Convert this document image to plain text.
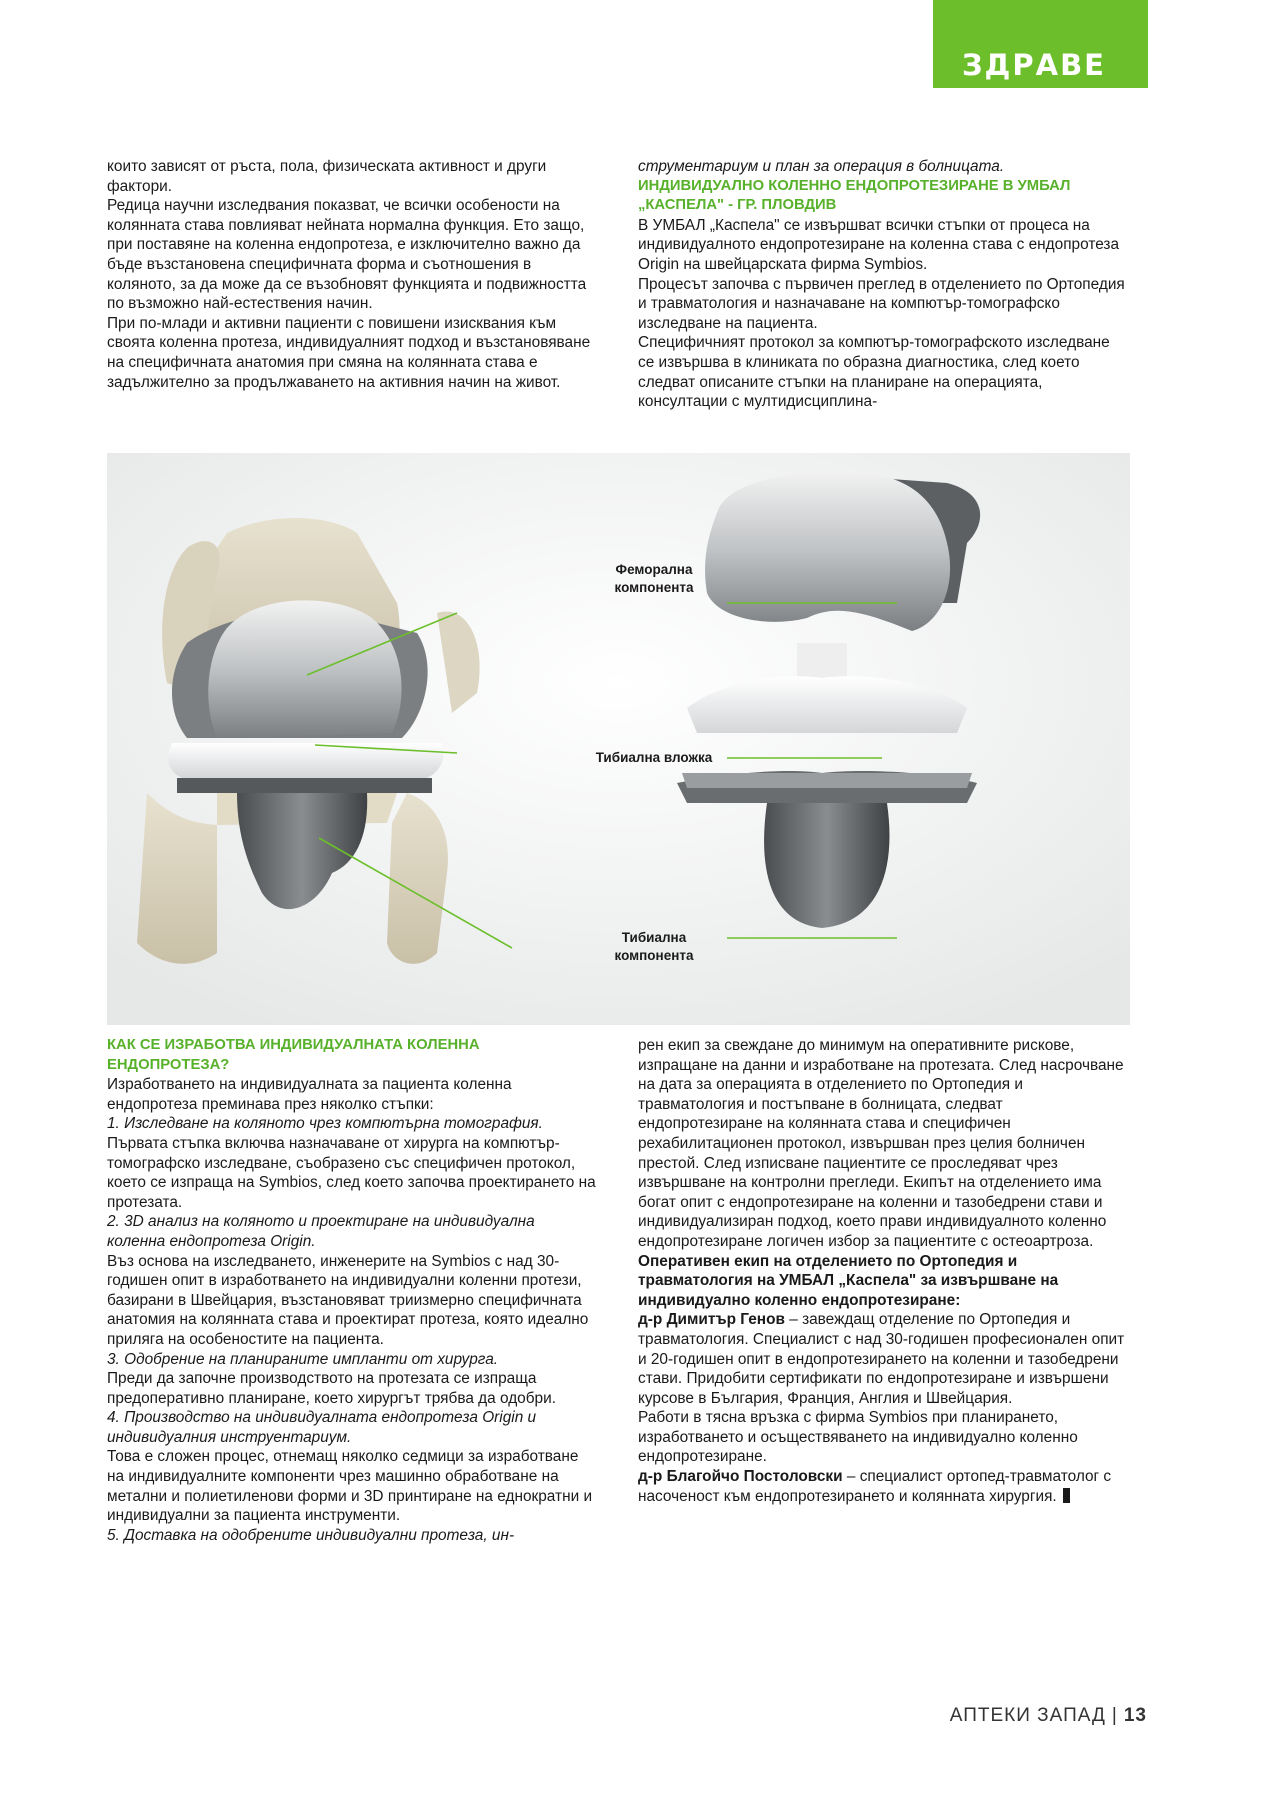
ЗДРАВЕ

които зависят от ръста, пола, физическата активност и други фактори.

Редица научни изследвания показват, че всички особености на колянната става повлияват нейната нормална функция. Ето защо, при поставяне на коленна ендопротеза, е изключително важно да бъде възстановена специфичната форма и съотношения в коляното, за да може да се възобновят функцията и подвижността по възможно най-естествения начин.

При по-млади и активни пациенти с повишени изисквания към своята коленна протеза, индивидуалният подход и възстановяване на специфичната анатомия при смяна на колянната става е задължително за продължаването на активния начин на живот.

струментариум и план за операция в болницата.

ИНДИВИДУАЛНО КОЛЕННО ЕНДОПРОТЕЗИРАНЕ В УМБАЛ „КАСПЕЛА" - ГР. ПЛОВДИВ

В УМБАЛ „Каспела" се извършват всички стъпки от процеса на индивидуалното ендопротезиране на коленна става с ендопротеза Origin на швейцарската фирма Symbios.

Процесът започва с първичен преглед в отделението по Ортопедия и травматология и назначаване на компютър-томографско изследване на пациента.

Специфичният протокол за компютър-томографското изследване се извършва в клиниката по образна диагностика, след което следват описаните стъпки на планиране на операцията, консултации с мултидисциплина-

Феморална компонента
Тибиална вложка
Тибиална компонента

КАК СЕ ИЗРАБОТВА ИНДИВИДУАЛНАТА КОЛЕННА ЕНДОПРОТЕЗА?

Изработването на индивидуалната за пациента коленна ендопротеза преминава през няколко стъпки:

1. Изследване на коляното чрез компютърна томография.

Първата стъпка включва назначаване от хирурга на компютър-томографско изследване, съобразено със специфичен протокол, което се изпраща на Symbios, след което започва проектирането на протезата.

2. 3D анализ на коляното и проектиране на индивидуална коленна ендопротеза Origin.

Въз основа на изследването, инженерите на Symbios с над 30-годишен опит в изработването на индивидуални коленни протези, базирани в Швейцария, възстановяват триизмерно специфичната анатомия на колянната става и проектират протеза, която идеално приляга на особеностите на пациента.

3. Одобрение на планираните импланти от хирурга.

Преди да започне производството на протезата се изпраща предоперативно планиране, което хирургът трябва да одобри.

4. Производство на индивидуалната ендопротеза Origin и индивидуалния инструентариум.

Това е сложен процес, отнемащ няколко седмици за изработване на индивидуалните компоненти чрез машинно обработване на метални и полиетиленови форми и 3D принтиране на еднократни и индивидуални за пациента инструменти.

5. Доставка на одобрените индивидуални протеза, ин-

рен екип за свеждане до минимум на оперативните рискове, изпращане на данни и изработване на протезата. След насрочване на дата за операцията в отделението по Ортопедия и травматология и постъпване в болницата, следват ендопротезиране на колянната става и специфичен рехабилитационен протокол, извършван през целия болничен престой. След изписване пациентите се проследяват чрез извършване на контролни прегледи. Екипът на отделението има богат опит с ендопротезиране на коленни и тазобедрени стави и индивидуализиран подход, което прави индивидуалното коленно ендопротезиране логичен избор за пациентите с остеоартроза.

Оперативен екип на отделението по Ортопедия и травматология на УМБАЛ „Каспела" за извършване на индивидуално коленно ендопротезиране:

д-р Димитър Генов – завеждащ отделение по Ортопедия и травматология. Специалист с над 30-годишен професионален опит и 20-годишен опит в ендопротезирането на коленни и тазобедрени стави. Придобити сертификати по ендопротезиране и извършени курсове в България, Франция, Англия и Швейцария.

Работи в тясна връзка с фирма Symbios при планирането, изработването и осъществяването на индивидуално коленно ендопротезиране.

д-р Благойчо Постоловски – специалист ортопед-травматолог с насоченост към ендопротезирането и колянната хирургия.

АПТЕКИ ЗАПАД | 13
